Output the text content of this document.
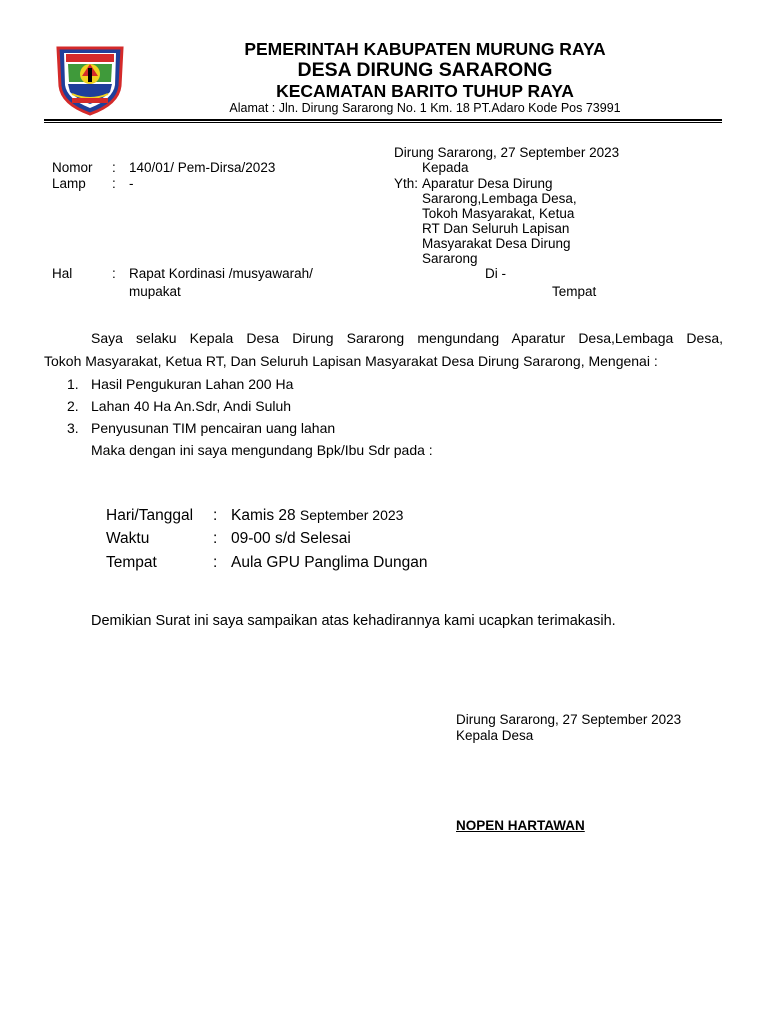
PEMERINTAH KABUPATEN MURUNG RAYA
DESA DIRUNG SARARONG
KECAMATAN BARITO TUHUP RAYA
Alamat : Jln. Dirung Sararong No. 1 Km. 18 PT.Adaro Kode Pos 73991
Dirung Sararong, 27 September 2023
Nomor : 140/01/ Pem-Dirsa/2023
Lamp : -
Kepada
Yth: Aparatur Desa Dirung
Sararong,Lembaga Desa,
Tokoh Masyarakat, Ketua
RT Dan Seluruh Lapisan
Masyarakat Desa Dirung
Sararong
Hal	: Rapat Kordinasi /musyawarah/
mupakat
Di -
Tempat
Saya selaku Kepala Desa Dirung Sararong mengundang Aparatur Desa,Lembaga Desa,
Tokoh Masyarakat, Ketua RT, Dan Seluruh Lapisan Masyarakat Desa Dirung Sararong, Mengenai :
1. Hasil Pengukuran Lahan 200 Ha
2. Lahan 40 Ha An.Sdr, Andi Suluh
3. Penyusunan TIM pencairan uang lahan
Maka dengan ini saya mengundang Bpk/Ibu Sdr pada :
Hari/Tanggal : Kamis 28 September 2023
Waktu	: 09-00 s/d Selesai
Tempat	: Aula GPU Panglima Dungan
Demikian Surat ini saya sampaikan atas kehadirannya kami ucapkan terimakasih.
Dirung Sararong, 27 September 2023
Kepala Desa
NOPEN HARTAWAN
